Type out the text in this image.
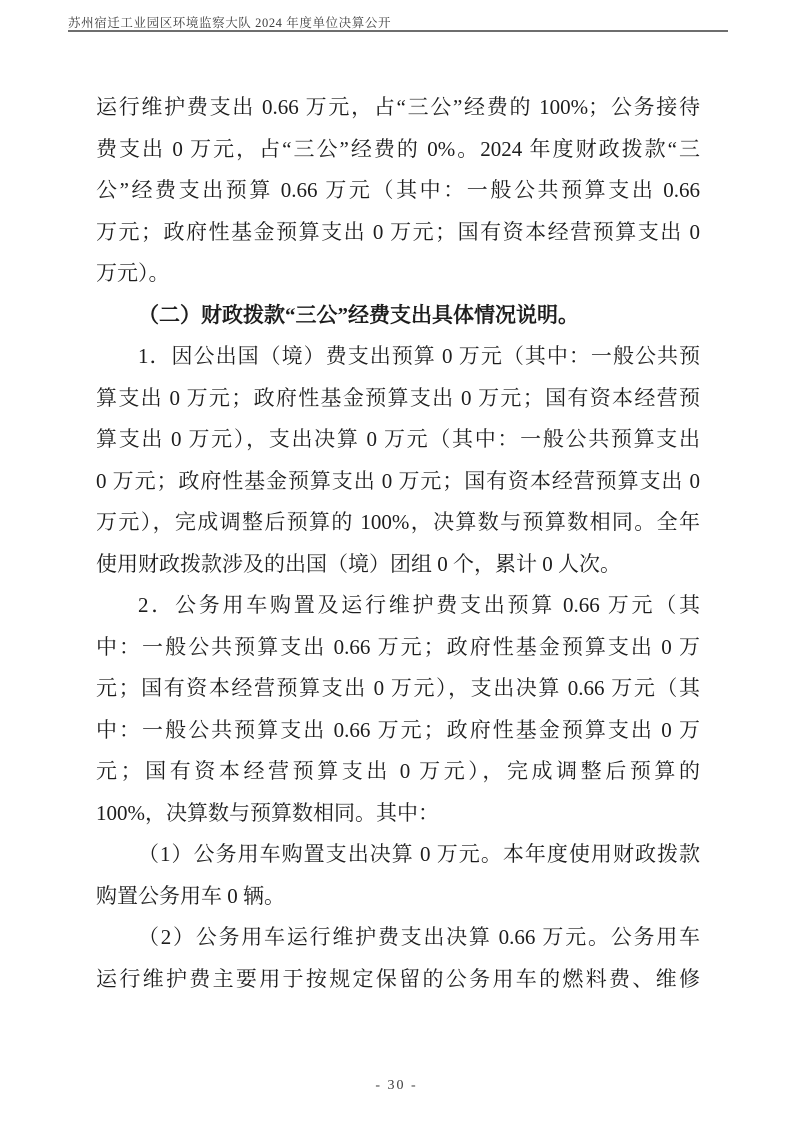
苏州宿迁工业园区环境监察大队 2024 年度单位决算公开
运行维护费支出 0.66 万元，占“三公”经费的 100%；公务接待
费支出 0 万元，占“三公”经费的 0%。2024 年度财政拨款“三
公”经费支出预算 0.66 万元（其中：一般公共预算支出 0.66
万元；政府性基金预算支出 0 万元；国有资本经营预算支出 0
万元）。
（二）财政拨款“三公”经费支出具体情况说明。
1．因公出国（境）费支出预算 0 万元（其中：一般公共预
算支出 0 万元；政府性基金预算支出 0 万元；国有资本经营预
算支出 0 万元），支出决算 0 万元（其中：一般公共预算支出
0 万元；政府性基金预算支出 0 万元；国有资本经营预算支出 0
万元），完成调整后预算的 100%，决算数与预算数相同。全年
使用财政拨款涉及的出国（境）团组 0 个，累计 0 人次。
2．公务用车购置及运行维护费支出预算 0.66 万元（其
中：一般公共预算支出 0.66 万元；政府性基金预算支出 0 万
元；国有资本经营预算支出 0 万元），支出决算 0.66 万元（其
中：一般公共预算支出 0.66 万元；政府性基金预算支出 0 万
元；国有资本经营预算支出 0 万元），完成调整后预算的
100%，决算数与预算数相同。其中：
（1）公务用车购置支出决算 0 万元。本年度使用财政拨款
购置公务用车 0 辆。
（2）公务用车运行维护费支出决算 0.66 万元。公务用车
运行维护费主要用于按规定保留的公务用车的燃料费、维修
- 30 -
